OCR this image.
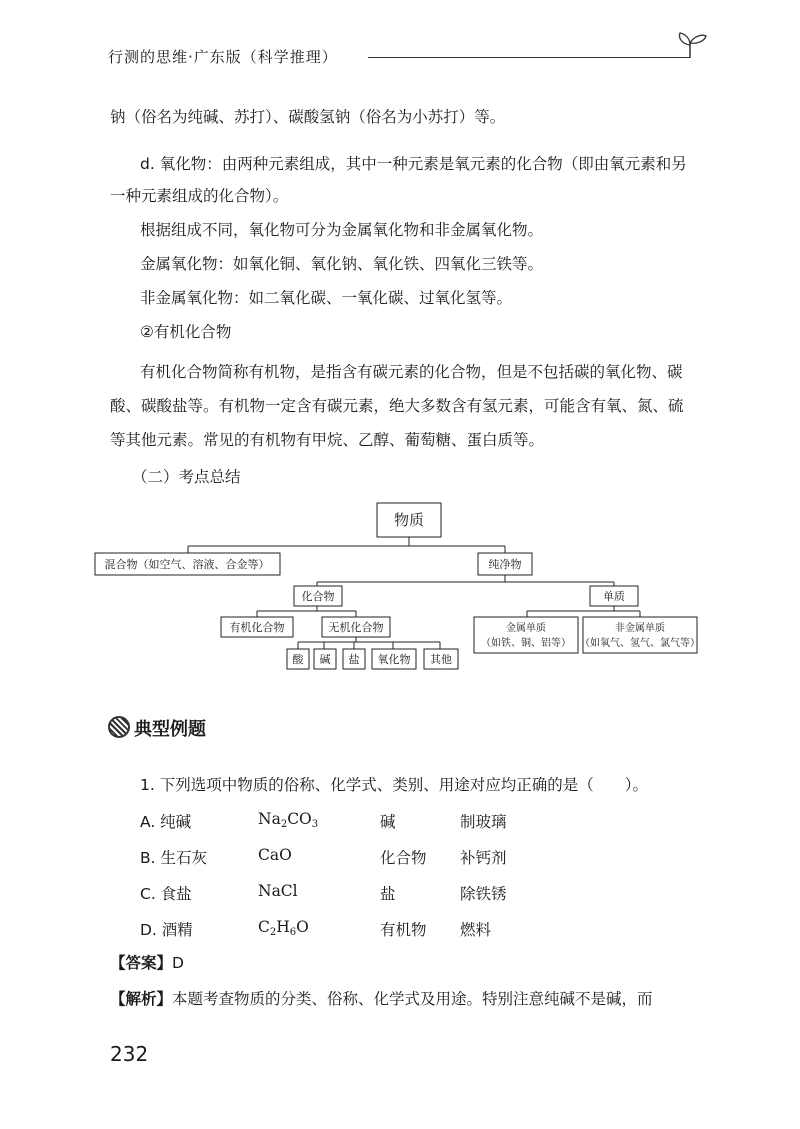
行测的思维·广东版（科学推理）
钠（俗名为纯碱、苏打）、碳酸氢钠（俗名为小苏打）等。
d. 氧化物：由两种元素组成，其中一种元素是氧元素的化合物（即由氧元素和另
一种元素组成的化合物）。
根据组成不同，氧化物可分为金属氧化物和非金属氧化物。
金属氧化物：如氧化铜、氧化钠、氧化铁、四氧化三铁等。
非金属氧化物：如二氧化碳、一氧化碳、过氧化氢等。
②有机化合物
有机化合物简称有机物，是指含有碳元素的化合物，但是不包括碳的氧化物、碳
酸、碳酸盐等。有机物一定含有碳元素，绝大多数含有氢元素，可能含有氧、氮、硫
等其他元素。常见的有机物有甲烷、乙醇、葡萄糖、蛋白质等。
（二）考点总结
物质
混合物（如空气、溶液、合金等）	纯净物
化合物	单质
有机化合物	无机化合物	金属单质
（如铁、铜、铝等）
非金属单质
（如氧气、氢气、氯气等）
酸 碱 盐 氧化物 其他
典型例题
1. 下列选项中物质的俗称、化学式、类别、用途对应均正确的是（　　）。
A. 纯碱	$Na_2CO_3$	碱	制玻璃
B. 生石灰	CaO	化合物 补钙剂
C. 食盐	NaCl	盐	除铁锈
D. 酒精	$C_2H_6O$	有机物 燃料
【答案】D
【解析】本题考查物质的分类、俗称、化学式及用途。特别注意纯碱不是碱，而
232
